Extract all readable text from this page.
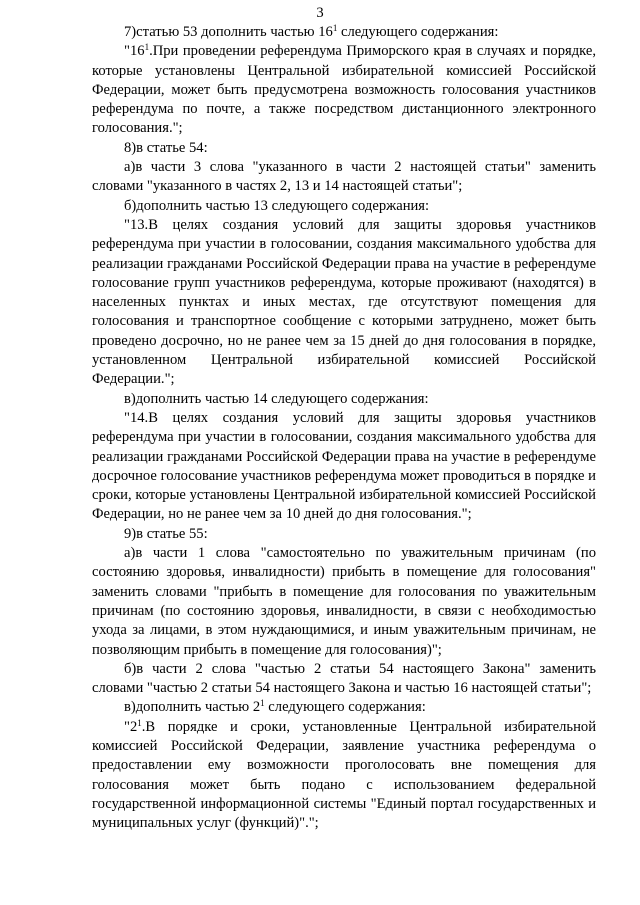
3

7)статью 53 дополнить частью $16^1$ следующего содержания:

"$16^1.При$ проведении референдума Приморского края в случаях и порядке, которые установлены Центральной избирательной комиссией Российской Федерации, может быть предусмотрена возможность голосования участников референдума по почте, а также посредством дистанционного электронного голосования.";

8)в статье 54:

а)в части 3 слова "указанного в части 2 настоящей статьи" заменить словами "указанного в частях 2, 13 и 14 настоящей статьи";

б)дополнить частью 13 следующего содержания:

"13.В целях создания условий для защиты здоровья участников референдума при участии в голосовании, создания максимального удобства для реализации гражданами Российской Федерации права на участие в референдуме голосование групп участников референдума, которые проживают (находятся) в населенных пунктах и иных местах, где отсутствуют помещения для голосования и транспортное сообщение с которыми затруднено, может быть проведено досрочно, но не ранее чем за 15 дней до дня голосования в порядке, установленном Центральной избирательной комиссией Российской Федерации.";

в)дополнить частью 14 следующего содержания:

"14.В целях создания условий для защиты здоровья участников референдума при участии в голосовании, создания максимального удобства для реализации гражданами Российской Федерации права на участие в референдуме досрочное голосование участников референдума может проводиться в порядке и сроки, которые установлены Центральной избирательной комиссией Российской Федерации, но не ранее чем за 10 дней до дня голосования.";

9)в статье 55:

а)в части 1 слова "самостоятельно по уважительным причинам (по состоянию здоровья, инвалидности) прибыть в помещение для голосования" заменить словами "прибыть в помещение для голосования по уважительным причинам (по состоянию здоровья, инвалидности, в связи с необходимостью ухода за лицами, в этом нуждающимися, и иным уважительным причинам, не позволяющим прибыть в помещение для голосования)";

б)в части 2 слова "частью 2 статьи 54 настоящего Закона" заменить словами "частью 2 статьи 54 настоящего Закона и частью 16 настоящей статьи";

в)дополнить частью $2^1$ следующего содержания:

"$2^1.В$ порядке и сроки, установленные Центральной избирательной комиссией Российской Федерации, заявление участника референдума о предоставлении ему возможности проголосовать вне помещения для голосования может быть подано с использованием федеральной государственной информационной системы "Единый портал государственных и муниципальных услуг (функций)".";
